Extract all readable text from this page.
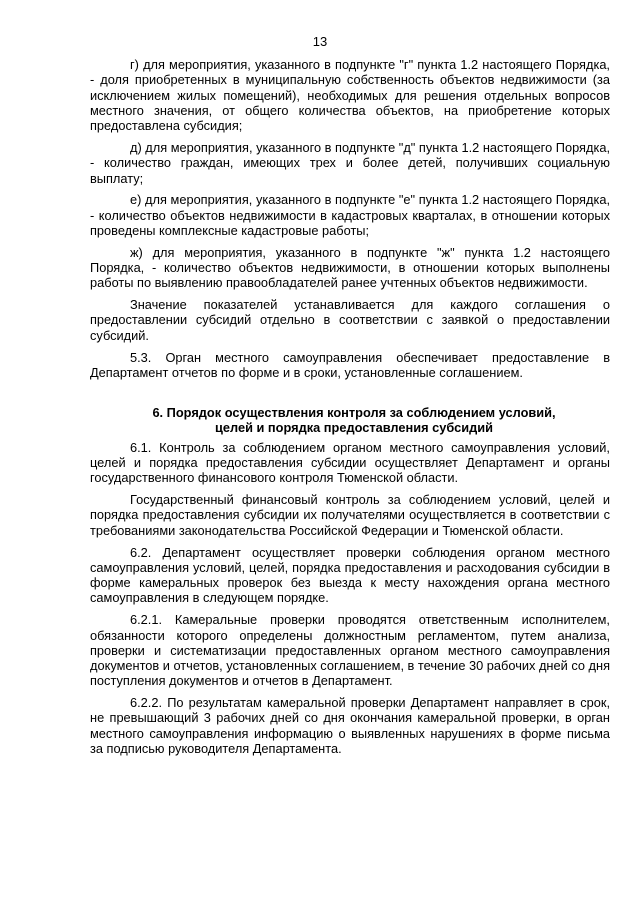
13

г) для мероприятия, указанного в подпункте "г" пункта 1.2 настоящего Порядка, - доля приобретенных в муниципальную собственность объектов недвижимости (за исключением жилых помещений), необходимых для решения отдельных вопросов местного значения, от общего количества объектов, на приобретение которых предоставлена субсидия;

д) для мероприятия, указанного в подпункте "д" пункта 1.2 настоящего Порядка, - количество граждан, имеющих трех и более детей, получивших социальную выплату;

е) для мероприятия, указанного в подпункте "е" пункта 1.2 настоящего Порядка, - количество объектов недвижимости в кадастровых кварталах, в отношении которых проведены комплексные кадастровые работы;

ж) для мероприятия, указанного в подпункте "ж" пункта 1.2 настоящего Порядка, - количество объектов недвижимости, в отношении которых выполнены работы по выявлению правообладателей ранее учтенных объектов недвижимости.

Значение показателей устанавливается для каждого соглашения о предоставлении субсидий отдельно в соответствии с заявкой о предоставлении субсидий.

5.3. Орган местного самоуправления обеспечивает предоставление в Департамент отчетов по форме и в сроки, установленные соглашением.

6. Порядок осуществления контроля за соблюдением условий,
целей и порядка предоставления субсидий

6.1. Контроль за соблюдением органом местного самоуправления условий, целей и порядка предоставления субсидии осуществляет Департамент и органы государственного финансового контроля Тюменской области.

Государственный финансовый контроль за соблюдением условий, целей и порядка предоставления субсидии их получателями осуществляется в соответствии с требованиями законодательства Российской Федерации и Тюменской области.

6.2. Департамент осуществляет проверки соблюдения органом местного самоуправления условий, целей, порядка предоставления и расходования субсидии в форме камеральных проверок без выезда к месту нахождения органа местного самоуправления в следующем порядке.

6.2.1. Камеральные проверки проводятся ответственным исполнителем, обязанности которого определены должностным регламентом, путем анализа, проверки и систематизации предоставленных органом местного самоуправления документов и отчетов, установленных соглашением, в течение 30 рабочих дней со дня поступления документов и отчетов в Департамент.

6.2.2. По результатам камеральной проверки Департамент направляет в срок, не превышающий 3 рабочих дней со дня окончания камеральной проверки, в орган местного самоуправления информацию о выявленных нарушениях в форме письма за подписью руководителя Департамента.
